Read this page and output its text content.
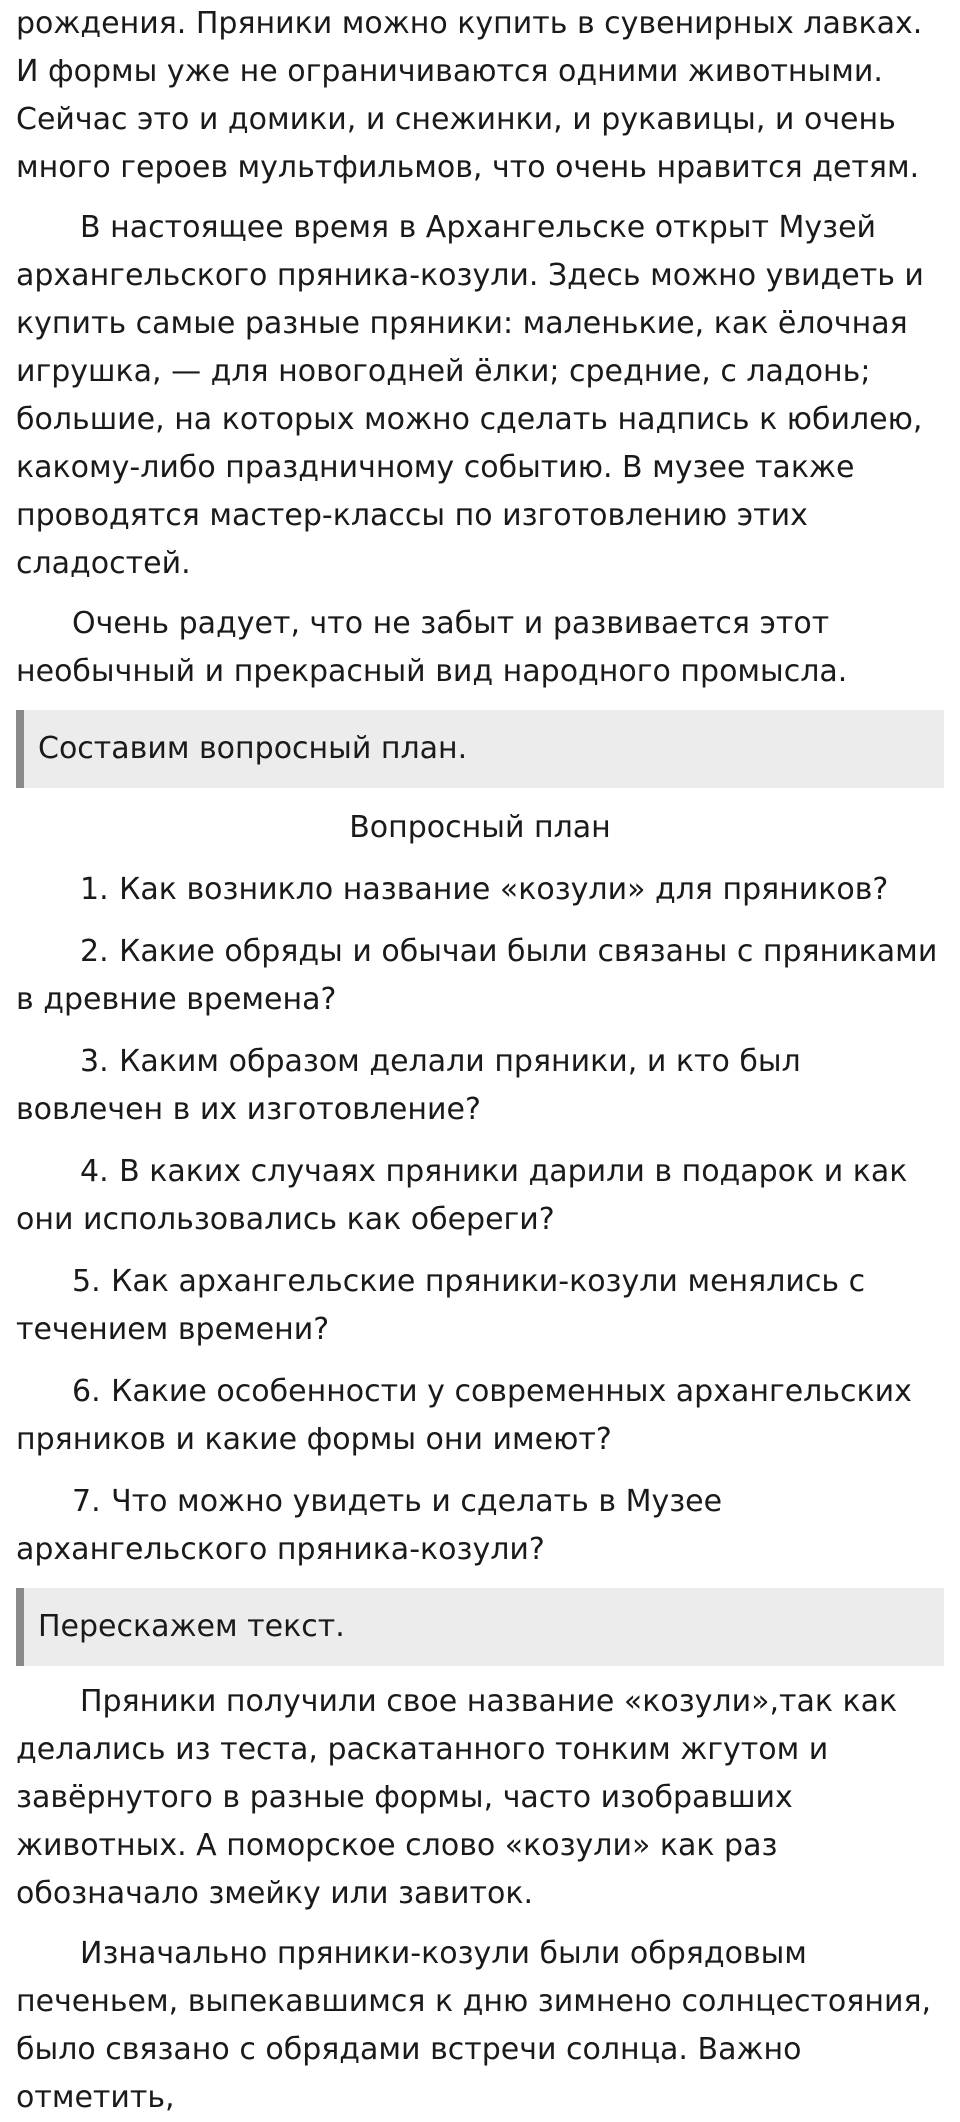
рождения. Пряники можно купить в сувенирных лавках. И формы уже не ограничиваются одними животными. Сейчас это и домики, и снежинки, и рукавицы, и очень много героев мультфильмов, что очень нравится детям.

В настоящее время в Архангельске открыт Музей архангельского пряника-козули. Здесь можно увидеть и купить самые разные пряники: маленькие, как ёлочная игрушка, — для новогодней ёлки; средние, с ладонь; большие, на которых можно сделать надпись к юбилею, какому-либо праздничному событию. В музее также проводятся мастер-классы по изготовлению этих сладостей.

Очень радует, что не забыт и развивается этот необычный и прекрасный вид народного промысла.

Составим вопросный план.

Вопросный план

1. Как возникло название «козули» для пряников?
2. Какие обряды и обычаи были связаны с пряниками в древние времена?
3. Каким образом делали пряники, и кто был вовлечен в их изготовление?
4. В каких случаях пряники дарили в подарок и как они использовались как обереги?
5. Как архангельские пряники-козули менялись с течением времени?
6. Какие особенности у современных архангельских пряников и какие формы они имеют?
7. Что можно увидеть и сделать в Музее архангельского пряника-козули?
Перескажем текст.

Пряники получили свое название «козули»,так как делались из теста, раскатанного тонким жгутом и завёрнутого в разные формы, часто изобравших животных. А поморское слово «козули» как раз обозначало змейку или завиток.

Изначально пряники-козули были обрядовым печеньем, выпекавшимся к дню зимнено солнцестояния, было связано с обрядами встречи солнца. Важно отметить,
